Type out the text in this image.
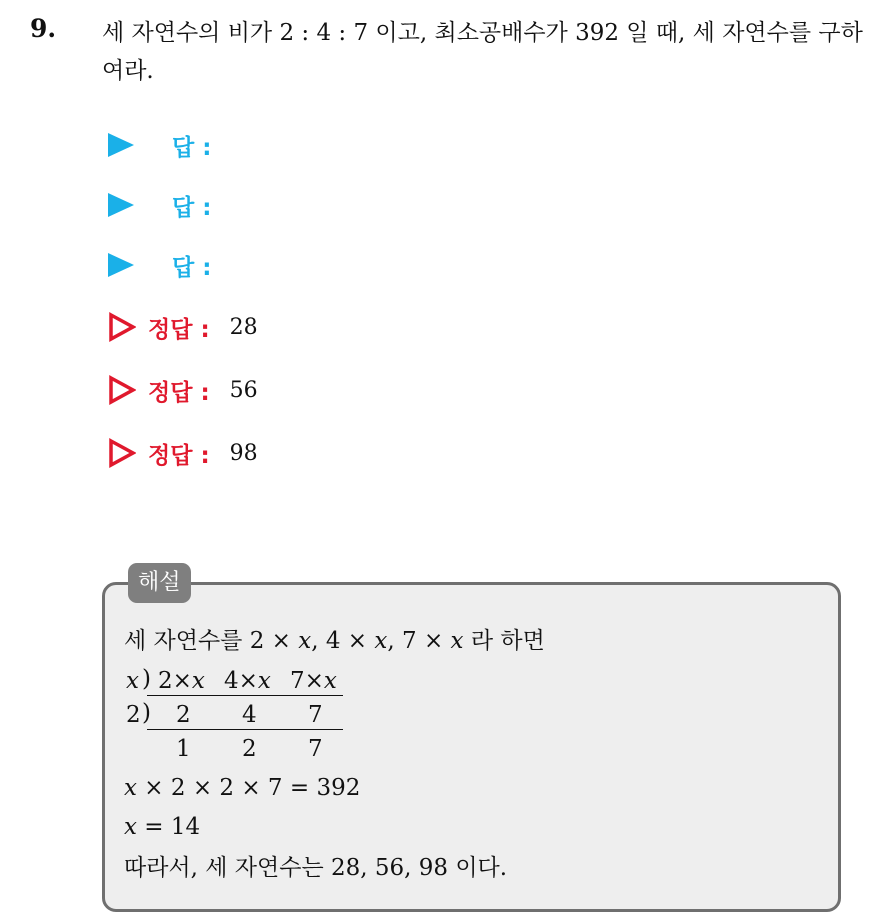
9. 세 자연수의 비가 2 : 4 : 7 이고, 최소공배수가 392 일 때, 세 자연수를 구하여라.
답 :
답 :
답 :
정답 : 28
정답 : 56
정답 : 98
해설
세 자연수를 2 × x, 4 × x, 7 × x 라 하면
x ) 2×x 4×x 7×x
2 ) 2 4 7
1 2 7
x × 2 × 2 × 7 = 392
x = 14
따라서, 세 자연수는 28, 56, 98 이다.
